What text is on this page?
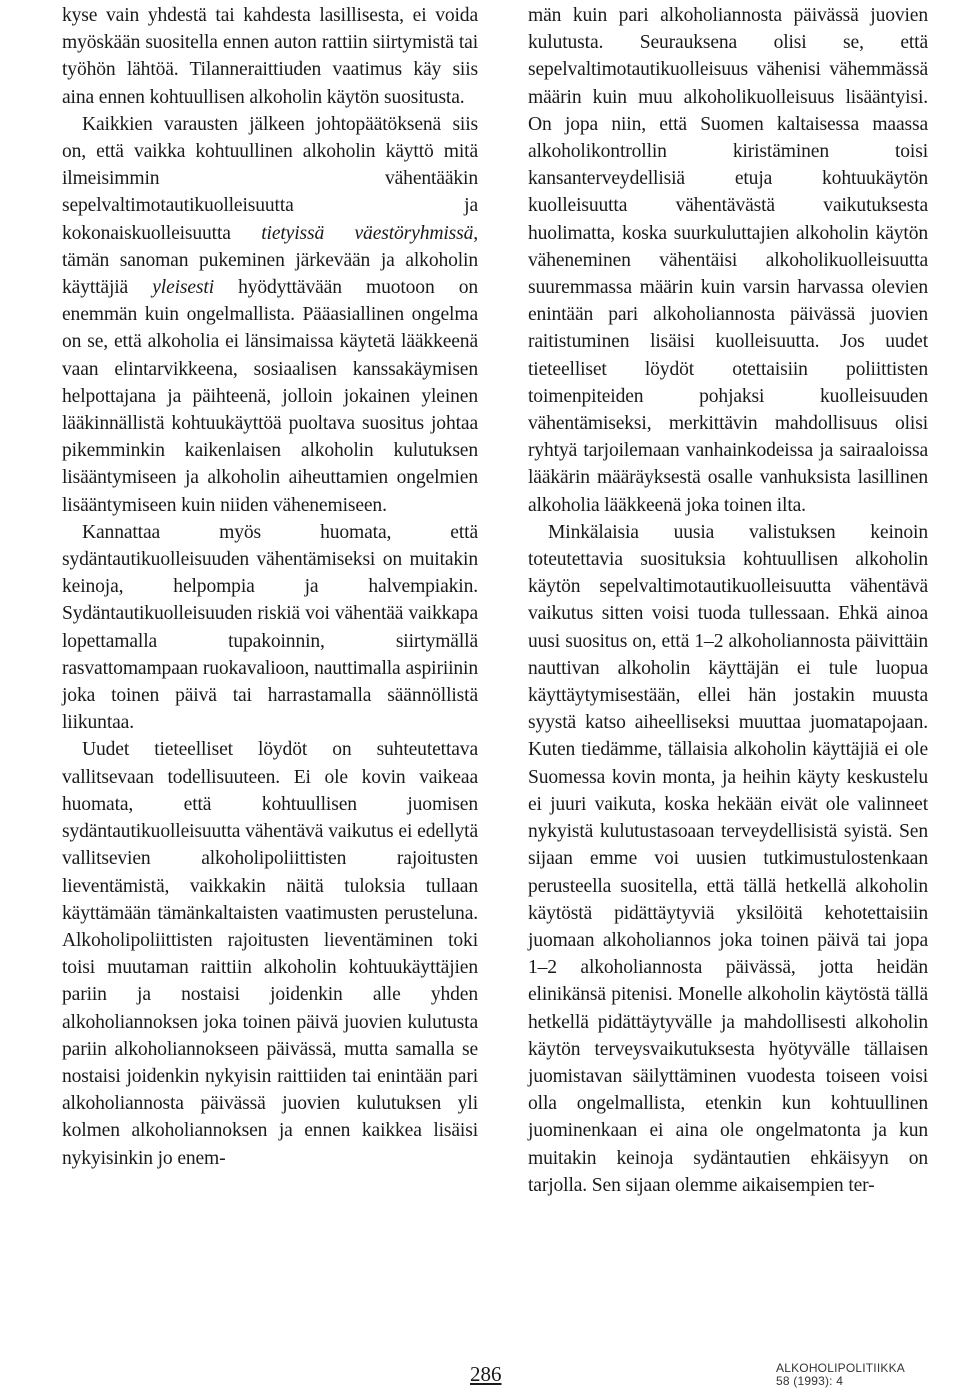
kyse vain yhdestä tai kahdesta lasillisesta, ei voida myöskään suositella ennen auton rattiin siirtymistä tai työhön lähtöä. Tilanneraittiuden vaatimus käy siis aina ennen kohtuullisen alkoholin käytön suositusta.

Kaikkien varausten jälkeen johtopäätöksenä siis on, että vaikka kohtuullinen alkoholin käyttö mitä ilmeisimmin vähentääkin sepelvaltimotautikuolleisuutta ja kokonaiskuolleisuutta tietyissä väestöryhmissä, tämän sanoman pukeminen järkevään ja alkoholin käyttäjiä yleisesti hyödyttävään muotoon on enemmän kuin ongelmallista. Pääasiallinen ongelma on se, että alkoholia ei länsimaissa käytetä lääkkeenä vaan elintarvikkeena, sosiaalisen kanssakäymisen helpottajana ja päihteenä, jolloin jokainen yleinen lääkinnällistä kohtuukäyttöä puoltava suositus johtaa pikemminkin kaikenlaisen alkoholin kulutuksen lisääntymiseen ja alkoholin aiheuttamien ongelmien lisääntymiseen kuin niiden vähenemiseen.

Kannattaa myös huomata, että sydäntautikuolleisuuden vähentämiseksi on muitakin keinoja, helpompia ja halvempiakin. Sydäntautikuolleisuuden riskiä voi vähentää vaikkapa lopettamalla tupakoinnin, siirtymällä rasvattomampaan ruokavalioon, nauttimalla aspiriinin joka toinen päivä tai harrastamalla säännöllistä liikuntaa.

Uudet tieteelliset löydöt on suhteutettava vallitsevaan todellisuuteen. Ei ole kovin vaikeaa huomata, että kohtuullisen juomisen sydäntautikuolleisuutta vähentävä vaikutus ei edellytä vallitsevien alkoholipoliittisten rajoitusten lieventämistä, vaikkakin näitä tuloksia tullaan käyttämään tämänkaltaisten vaatimusten perusteluna. Alkoholipoliittisten rajoitusten lieventäminen toki toisi muutaman raittiin alkoholin kohtuukäyttäjien pariin ja nostaisi joidenkin alle yhden alkoholiannoksen joka toinen päivä juovien kulutusta pariin alkoholiannokseen päivässä, mutta samalla se nostaisi joidenkin nykyisin raittiiden tai enintään pari alkoholiannosta päivässä juovien kulutuksen yli kolmen alkoholiannoksen ja ennen kaikkea lisäisi nykyisinkin jo enem-

män kuin pari alkoholiannosta päivässä juovien kulutusta. Seurauksena olisi se, että sepelvaltimotautikuolleisuus vähenisi vähemmässä määrin kuin muu alkoholikuolleisuus lisääntyisi. On jopa niin, että Suomen kaltaisessa maassa alkoholikontrollin kiristäminen toisi kansanterveydellisiä etuja kohtuukäytön kuolleisuutta vähentävästä vaikutuksesta huolimatta, koska suurkuluttajien alkoholin käytön väheneminen vähentäisi alkoholikuolleisuutta suuremmassa määrin kuin varsin harvassa olevien enintään pari alkoholiannosta päivässä juovien raitistuminen lisäisi kuolleisuutta. Jos uudet tieteelliset löydöt otettaisiin poliittisten toimenpiteiden pohjaksi kuolleisuuden vähentämiseksi, merkittävin mahdollisuus olisi ryhtyä tarjoilemaan vanhainkodeissa ja sairaaloissa lääkärin määräyksestä osalle vanhuksista lasillinen alkoholia lääkkeenä joka toinen ilta.

Minkälaisia uusia valistuksen keinoin toteutettavia suosituksia kohtuullisen alkoholin käytön sepelvaltimotautikuolleisuutta vähentävä vaikutus sitten voisi tuoda tullessaan. Ehkä ainoa uusi suositus on, että 1–2 alkoholiannosta päivittäin nauttivan alkoholin käyttäjän ei tule luopua käyttäytymisestään, ellei hän jostakin muusta syystä katso aiheelliseksi muuttaa juomatapojaan. Kuten tiedämme, tällaisia alkoholin käyttäjiä ei ole Suomessa kovin monta, ja heihin käyty keskustelu ei juuri vaikuta, koska hekään eivät ole valinneet nykyistä kulutustasoaan terveydellisistä syistä. Sen sijaan emme voi uusien tutkimustulostenkaan perusteella suositella, että tällä hetkellä alkoholin käytöstä pidättäytyviä yksilöitä kehotettaisiin juomaan alkoholiannos joka toinen päivä tai jopa 1–2 alkoholiannosta päivässä, jotta heidän elinikänsä pitenisi. Monelle alkoholin käytöstä tällä hetkellä pidättäytyvälle ja mahdollisesti alkoholin käytön terveysvaikutuksesta hyötyvälle tällaisen juomistavan säilyttäminen vuodesta toiseen voisi olla ongelmallista, etenkin kun kohtuullinen juominenkaan ei aina ole ongelmatonta ja kun muitakin keinoja sydäntautien ehkäisyyn on tarjolla. Sen sijaan olemme aikaisempien ter-

286	ALKOHOLIPOLITIIKKA
58 (1993): 4
